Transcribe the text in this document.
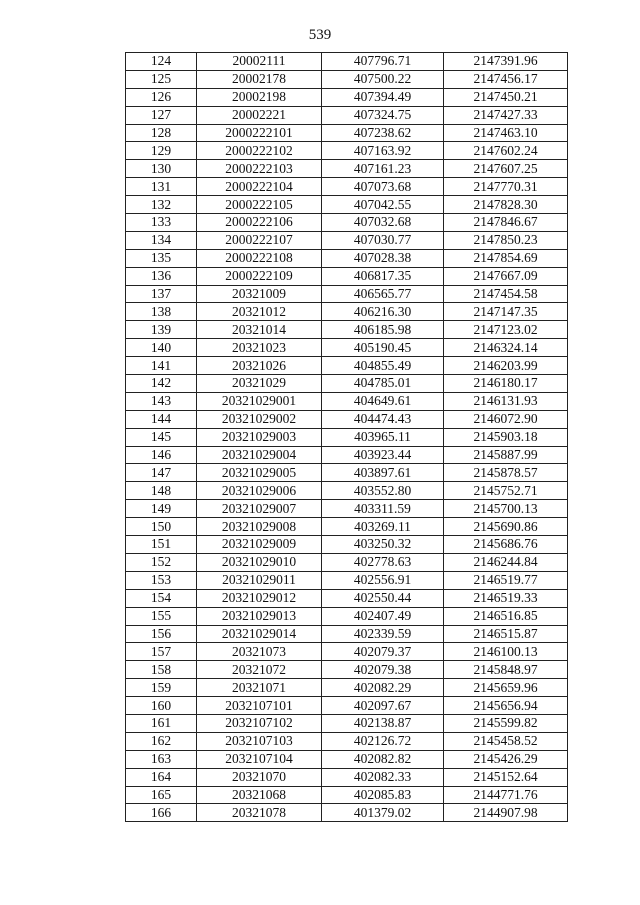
539
124	20002111	407796.71	2147391.96
125	20002178	407500.22	2147456.17
126	20002198	407394.49	2147450.21
127	20002221	407324.75	2147427.33
128	2000222101	407238.62	2147463.10
129	2000222102	407163.92	2147602.24
130	2000222103	407161.23	2147607.25
131	2000222104	407073.68	2147770.31
132	2000222105	407042.55	2147828.30
133	2000222106	407032.68	2147846.67
134	2000222107	407030.77	2147850.23
135	2000222108	407028.38	2147854.69
136	2000222109	406817.35	2147667.09
137	20321009	406565.77	2147454.58
138	20321012	406216.30	2147147.35
139	20321014	406185.98	2147123.02
140	20321023	405190.45	2146324.14
141	20321026	404855.49	2146203.99
142	20321029	404785.01	2146180.17
143	20321029001	404649.61	2146131.93
144	20321029002	404474.43	2146072.90
145	20321029003	403965.11	2145903.18
146	20321029004	403923.44	2145887.99
147	20321029005	403897.61	2145878.57
148	20321029006	403552.80	2145752.71
149	20321029007	403311.59	2145700.13
150	20321029008	403269.11	2145690.86
151	20321029009	403250.32	2145686.76
152	20321029010	402778.63	2146244.84
153	20321029011	402556.91	2146519.77
154	20321029012	402550.44	2146519.33
155	20321029013	402407.49	2146516.85
156	20321029014	402339.59	2146515.87
157	20321073	402079.37	2146100.13
158	20321072	402079.38	2145848.97
159	20321071	402082.29	2145659.96
160	2032107101	402097.67	2145656.94
161	2032107102	402138.87	2145599.82
162	2032107103	402126.72	2145458.52
163	2032107104	402082.82	2145426.29
164	20321070	402082.33	2145152.64
165	20321068	402085.83	2144771.76
166	20321078	401379.02	2144907.98
